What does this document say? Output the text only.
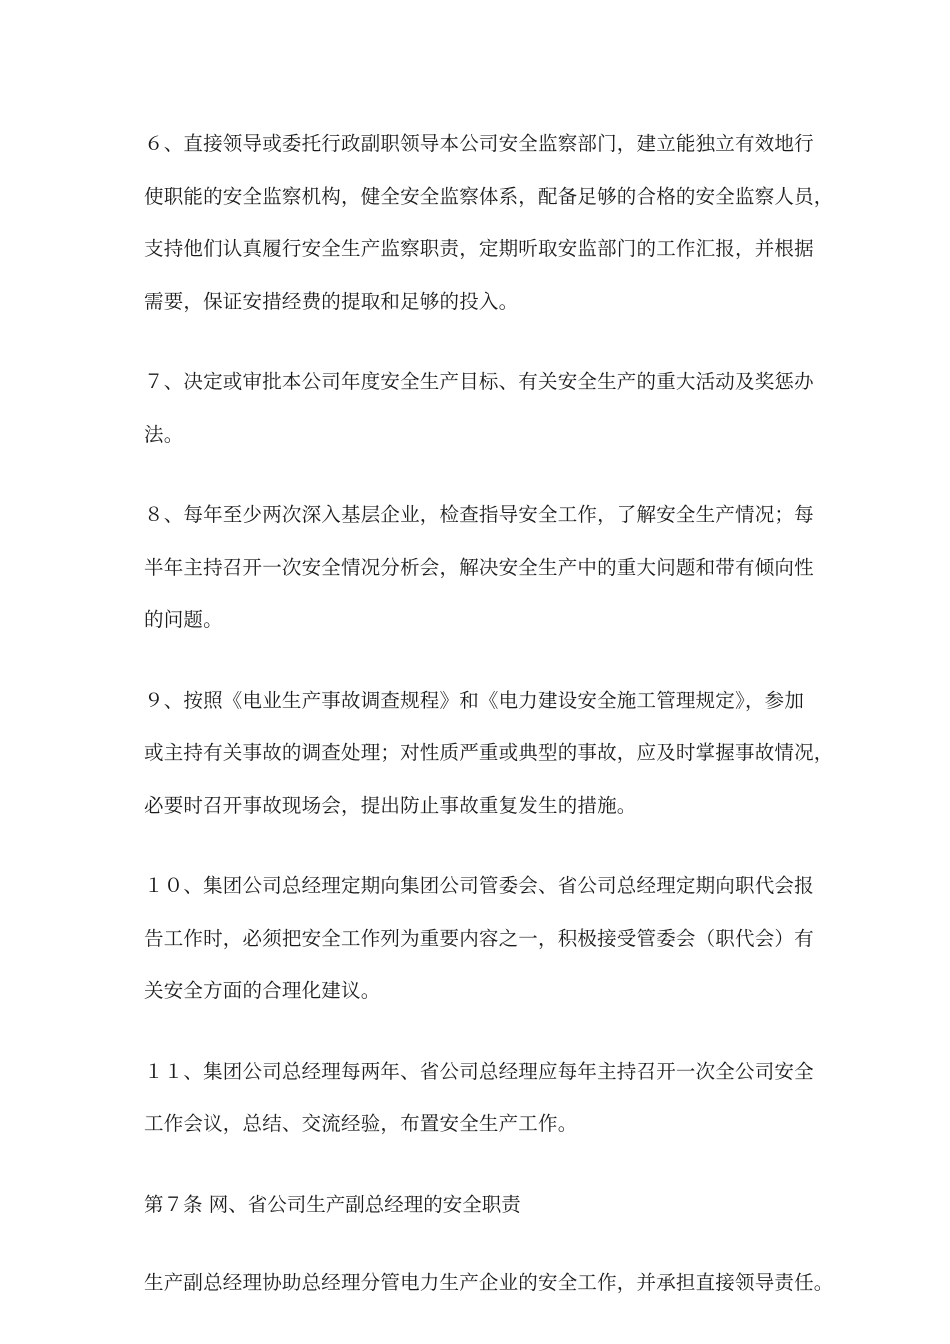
６、直接领导或委托行政副职领导本公司安全监察部门，建立能独立有效地行
使职能的安全监察机构，健全安全监察体系，配备足够的合格的安全监察人员，
支持他们认真履行安全生产监察职责，定期听取安监部门的工作汇报，并根据
需要，保证安措经费的提取和足够的投入。
７、决定或审批本公司年度安全生产目标、有关安全生产的重大活动及奖惩办
法。
８、每年至少两次深入基层企业，检查指导安全工作，了解安全生产情况；每
半年主持召开一次安全情况分析会，解决安全生产中的重大问题和带有倾向性
的问题。
９、按照《电业生产事故调查规程》和《电力建设安全施工管理规定》，参加
或主持有关事故的调查处理；对性质严重或典型的事故，应及时掌握事故情况，
必要时召开事故现场会，提出防止事故重复发生的措施。
１０、集团公司总经理定期向集团公司管委会、省公司总经理定期向职代会报
告工作时，必须把安全工作列为重要内容之一，积极接受管委会（职代会）有
关安全方面的合理化建议。
１１、集团公司总经理每两年、省公司总经理应每年主持召开一次全公司安全
工作会议，总结、交流经验，布置安全生产工作。
第７条 网、省公司生产副总经理的安全职责
生产副总经理协助总经理分管电力生产企业的安全工作，并承担直接领导责任。
